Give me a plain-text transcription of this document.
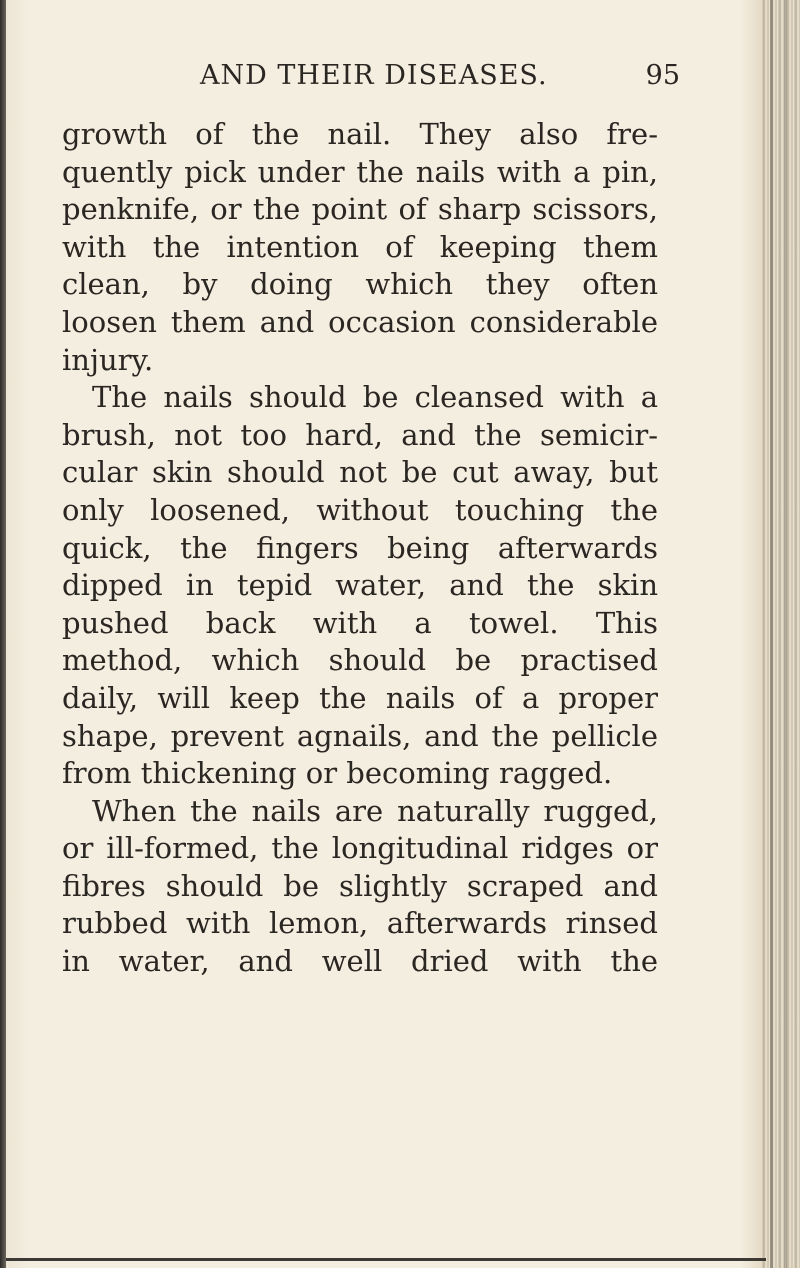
AND THEIR DISEASES.	95
growth of the nail. They also fre-
quently pick under the nails with a pin,
penknife, or the point of sharp scissors,
with the intention of keeping them
clean, by doing which they often
loosen them and occasion considerable
injury.
The nails should be cleansed with a
brush, not too hard, and the semicir-
cular skin should not be cut away, but
only loosened, without touching the
quick, the fingers being afterwards
dipped in tepid water, and the skin
pushed back with a towel. This
method, which should be practised
daily, will keep the nails of a proper
shape, prevent agnails, and the pellicle
from thickening or becoming ragged.
When the nails are naturally rugged,
or ill-formed, the longitudinal ridges or
fibres should be slightly scraped and
rubbed with lemon, afterwards rinsed
in water, and well dried with the
